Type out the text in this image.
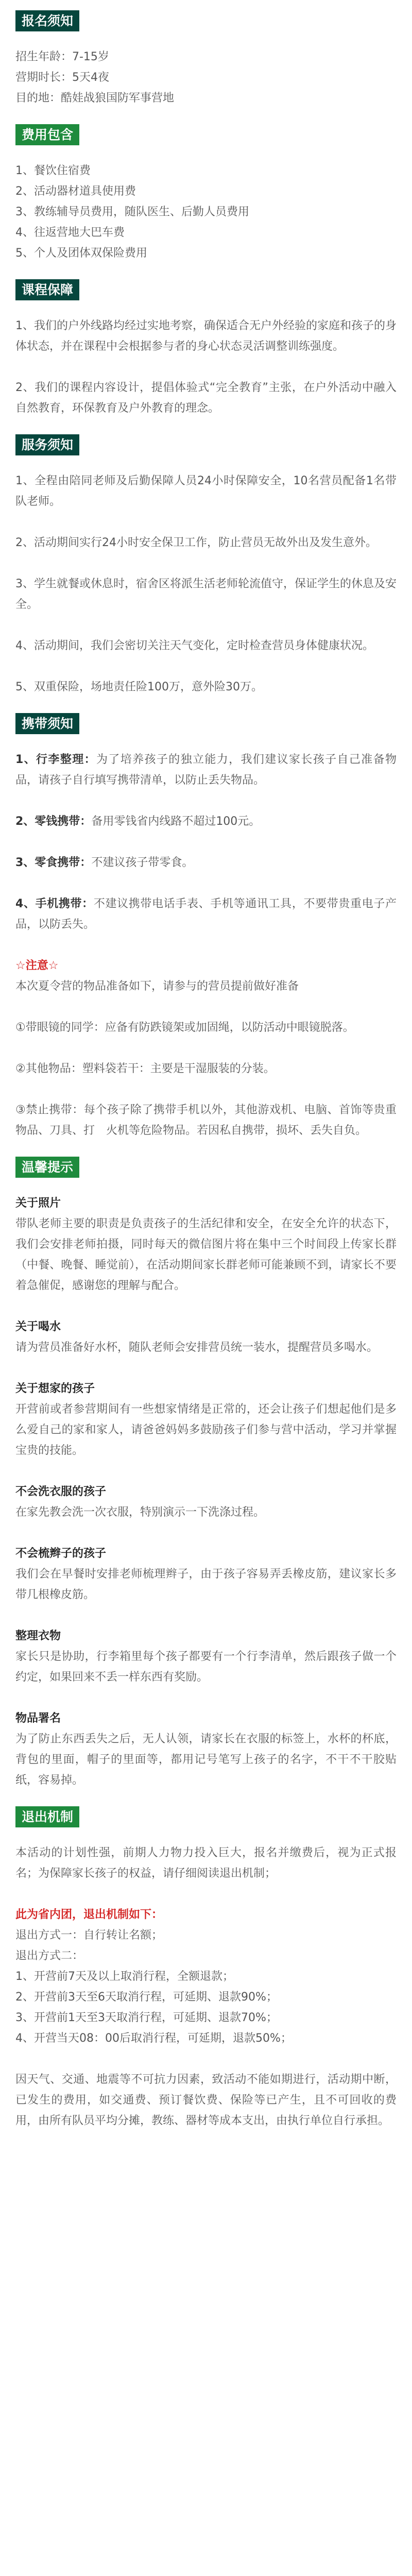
报名须知

招生年龄：7-15岁

营期时长：5天4夜

目的地：酷娃战狼国防军事营地

费用包含

1、餐饮住宿费

2、活动器材道具使用费

3、教练辅导员费用，随队医生、后勤人员费用

4、往返营地大巴车费

5、个人及团体双保险费用

课程保障

1、我们的户外线路均经过实地考察，确保适合无户外经验的家庭和孩子的身体状态，并在课程中会根据参与者的身心状态灵活调整训练强度。

2、我们的课程内容设计，提倡体验式“完全教育”主张，在户外活动中融入自然教育，环保教育及户外教育的理念。

服务须知

1、全程由陪同老师及后勤保障人员24小时保障安全，10名营员配备1名带队老师。

2、活动期间实行24小时安全保卫工作，防止营员无故外出及发生意外。

3、学生就餐或休息时，宿舍区将派生活老师轮流值守，保证学生的休息及安全。

4、活动期间，我们会密切关注天气变化，定时检查营员身体健康状况。

5、双重保险，场地责任险100万，意外险30万。

携带须知

1、行李整理：为了培养孩子的独立能力，我们建议家长孩子自己准备物品，请孩子自行填写携带清单，以防止丢失物品。

2、零钱携带：备用零钱省内线路不超过100元。

3、零食携带：不建议孩子带零食。

4、手机携带：不建议携带电话手表、手机等通讯工具，不要带贵重电子产品，以防丢失。

☆注意☆

本次夏令营的物品准备如下，请参与的营员提前做好准备

①带眼镜的同学：应备有防跌镜架或加固绳，以防活动中眼镜脱落。

②其他物品：塑料袋若干：主要是干湿服装的分装。

③禁止携带：每个孩子除了携带手机以外，其他游戏机、电脑、首饰等贵重物品、刀具、打　火机等危险物品。若因私自携带，损坏、丢失自负。

温馨提示

关于照片

带队老师主要的职责是负责孩子的生活纪律和安全，在安全允许的状态下，我们会安排老师拍摄，同时每天的微信图片将在集中三个时间段上传家长群（中餐、晚餐、睡觉前），在活动期间家长群老师可能兼顾不到，请家长不要着急催促，感谢您的理解与配合。

关于喝水

请为营员准备好水杯，随队老师会安排营员统一装水，提醒营员多喝水。

关于想家的孩子

开营前或者参营期间有一些想家情绪是正常的，还会让孩子们想起他们是多么爱自己的家和家人，请爸爸妈妈多鼓励孩子们参与营中活动，学习并掌握宝贵的技能。

不会洗衣服的孩子

在家先教会洗一次衣服，特别演示一下洗涤过程。

不会梳辫子的孩子

我们会在早餐时安排老师梳理辫子，由于孩子容易弄丢橡皮筋，建议家长多带几根橡皮筋。

整理衣物

家长只是协助，行李箱里每个孩子都要有一个行李清单，然后跟孩子做一个约定，如果回来不丢一样东西有奖励。

物品署名

为了防止东西丢失之后，无人认领，请家长在衣服的标签上，水杯的杯底，背包的里面，帽子的里面等，都用记号笔写上孩子的名字，不干不干胶贴纸，容易掉。

退出机制

本活动的计划性强，前期人力物力投入巨大，报名并缴费后，视为正式报名；为保障家长孩子的权益，请仔细阅读退出机制；

此为省内团，退出机制如下：

退出方式一：自行转让名额；

退出方式二：

1、开营前7天及以上取消行程，全额退款；

2、开营前3天至6天取消行程，可延期、退款90%；

3、开营前1天至3天取消行程，可延期、退款70%；

4、开营当天08：00后取消行程，可延期，退款50%；

因天气、交通、地震等不可抗力因素，致活动不能如期进行，活动期中断，已发生的费用，如交通费、预订餐饮费、保险等已产生，且不可回收的费用，由所有队员平均分摊，教练、器材等成本支出，由执行单位自行承担。
